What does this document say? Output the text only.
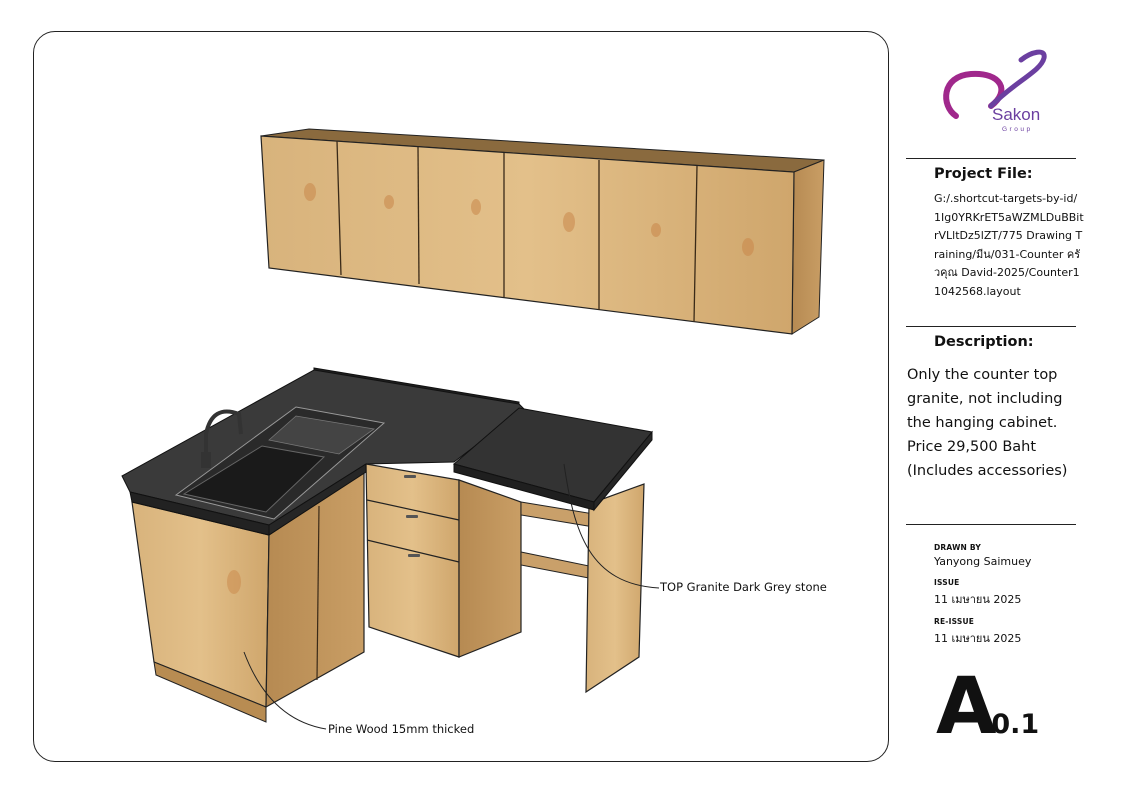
TOP Granite Dark Grey stone
Pine Wood 15mm thicked
Sakon
Group
Project File:
G:/.shortcut-targets-by-id/1Ig0YRKrET5aWZMLDuBBitrVLltDz5lZT/775 Drawing Training/มีน/031-Counter ครัวคุณ David-2025/Counter11042568.layout
Description:
Only the counter top
granite, not including
the hanging cabinet.
Price 29,500 Baht
(Includes accessories)
DRAWN BY
Yanyong Saimuey
ISSUE
11 เมษายน 2025
RE-ISSUE
11 เมษายน 2025
A0.1
